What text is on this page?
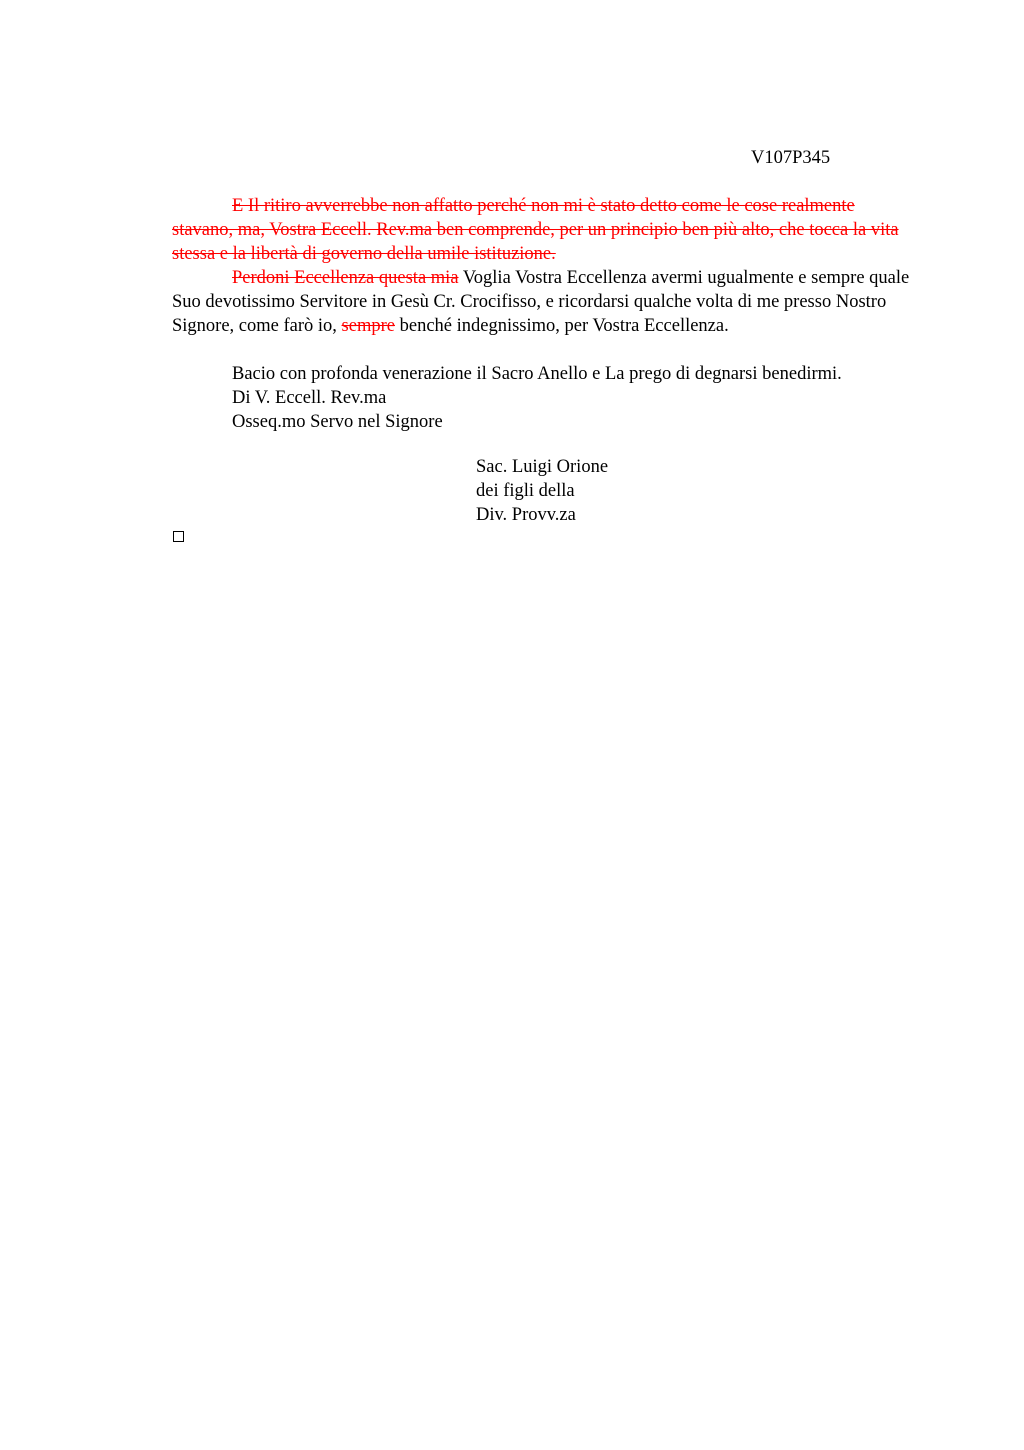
V107P345

E Il ritiro avverrebbe non affatto perché non mi è stato detto come le cose realmente stavano, ma, Vostra Eccell. Rev.ma ben comprende, per un principio ben più alto, che tocca la vita stessa e la libertà di governo della umile istituzione.

Perdoni Eccellenza questa mia Voglia Vostra Eccellenza avermi ugualmente e sempre quale Suo devotissimo Servitore in Gesù Cr. Crocifisso, e ricordarsi qualche volta di me presso Nostro Signore, come farò io, sempre benché indegnissimo, per Vostra Eccellenza.

Bacio con profonda venerazione il Sacro Anello e La prego di degnarsi benedirmi.
Di V. Eccell. Rev.ma
Osseq.mo Servo nel Signore
Sac. Luigi Orione
dei figli della
Div. Provv.za
